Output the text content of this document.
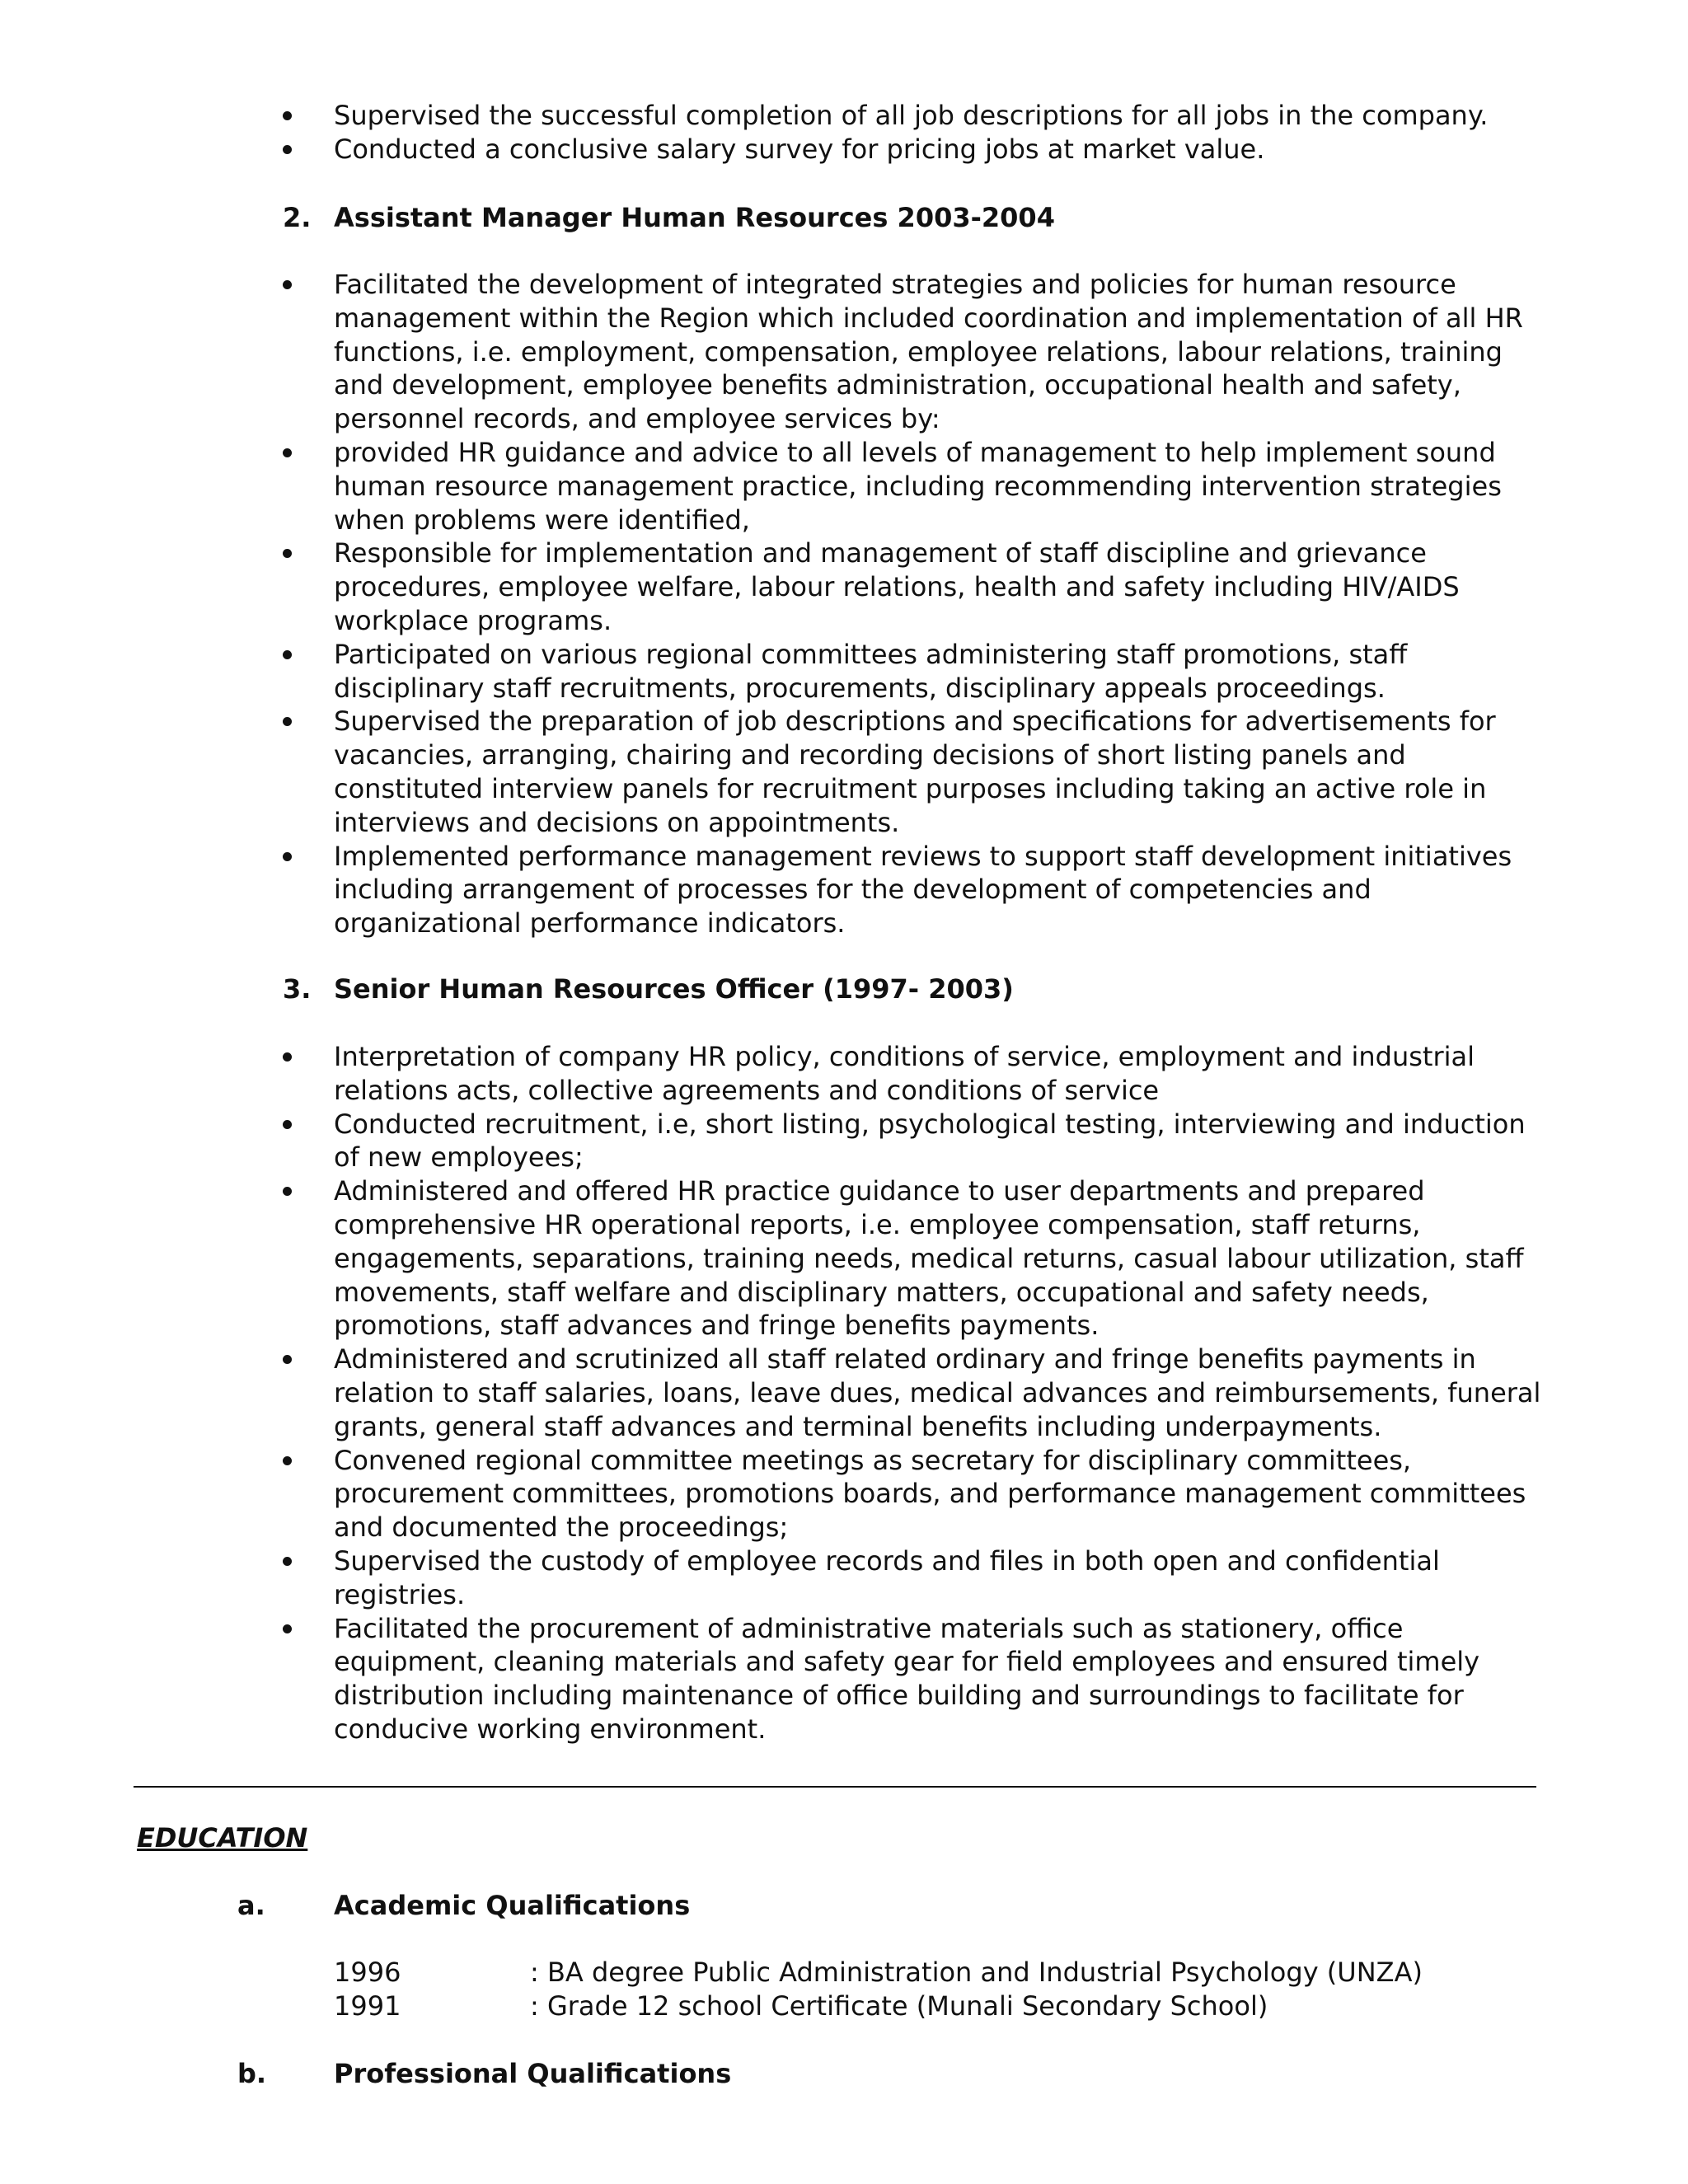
Supervised the successful completion of all job descriptions for all jobs in the company.
Conducted a conclusive salary survey for pricing jobs at market value.
2. Assistant Manager Human Resources 2003-2004
Facilitated the development of integrated strategies and policies for human resource management within the Region which included coordination and implementation of all HR functions, i.e. employment, compensation, employee relations, labour relations, training and development, employee benefits administration, occupational health and safety, personnel records, and employee services by:
provided HR guidance and advice to all levels of management to help implement sound human resource management practice, including recommending intervention strategies when problems were identified,
Responsible for implementation and management of staff discipline and grievance procedures, employee welfare, labour relations, health and safety including HIV/AIDS workplace programs.
Participated on various regional committees administering staff promotions, staff disciplinary staff recruitments, procurements, disciplinary appeals proceedings.
Supervised the preparation of job descriptions and specifications for advertisements for vacancies, arranging, chairing and recording decisions of short listing panels and constituted interview panels for recruitment purposes including taking an active role in interviews and decisions on appointments.
Implemented performance management reviews to support staff development initiatives including arrangement of processes for the development of competencies and organizational performance indicators.
3. Senior Human Resources Officer (1997- 2003)
Interpretation of company HR policy, conditions of service, employment and industrial relations acts, collective agreements and conditions of service
Conducted recruitment, i.e, short listing, psychological testing, interviewing and induction of new employees;
Administered and offered HR practice guidance to user departments and prepared comprehensive HR operational reports, i.e. employee compensation, staff returns, engagements, separations, training needs, medical returns, casual labour utilization, staff movements, staff welfare and disciplinary matters, occupational and safety needs, promotions, staff advances and fringe benefits payments.
Administered and scrutinized all staff related ordinary and fringe benefits payments in relation to staff salaries, loans, leave dues, medical advances and reimbursements, funeral grants, general staff advances and terminal benefits including underpayments.
Convened regional committee meetings as secretary for disciplinary committees, procurement committees, promotions boards, and performance management committees and documented the proceedings;
Supervised the custody of employee records and files in both open and confidential registries.
Facilitated the procurement of administrative materials such as stationery, office equipment, cleaning materials and safety gear for field employees and ensured timely distribution including maintenance of office building and surroundings to facilitate for conducive working environment.
EDUCATION
a.	Academic Qualifications
1996	: BA degree Public Administration and Industrial Psychology (UNZA)
1991	: Grade 12 school Certificate (Munali Secondary School)
b.	Professional Qualifications
